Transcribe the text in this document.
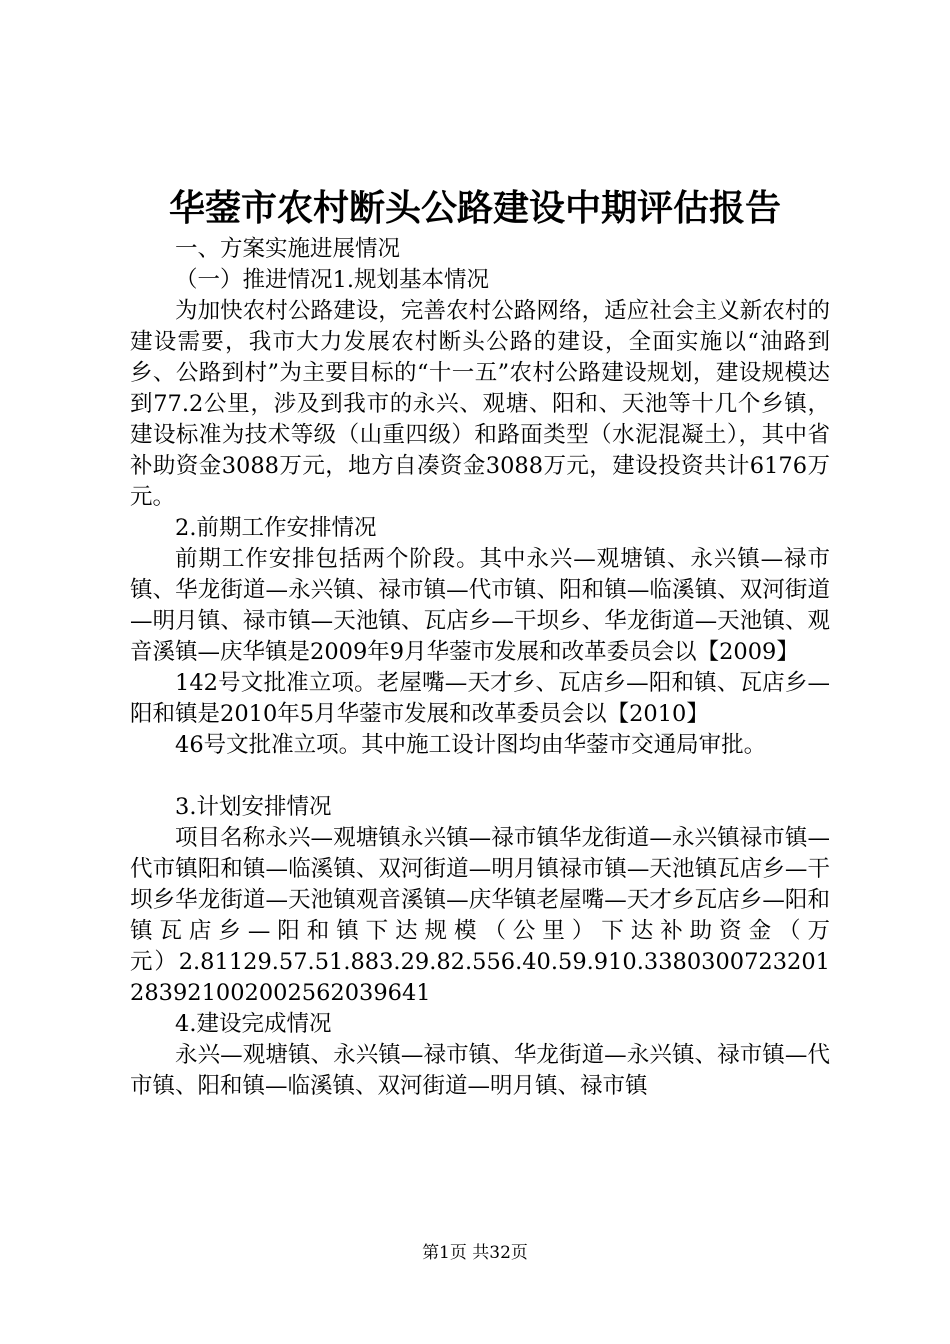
华蓥市农村断头公路建设中期评估报告

一、方案实施进展情况

（一）推进情况1.规划基本情况

为加快农村公路建设，完善农村公路网络，适应社会主义新农村的建设需要，我市大力发展农村断头公路的建设，全面实施以“油路到乡、公路到村”为主要目标的“十一五”农村公路建设规划，建设规模达到77.2公里，涉及到我市的永兴、观塘、阳和、天池等十几个乡镇，建设标准为技术等级（山重四级）和路面类型（水泥混凝土），其中省补助资金3088万元，地方自凑资金3088万元，建设投资共计6176万元。

2.前期工作安排情况

前期工作安排包括两个阶段。其中永兴—观塘镇、永兴镇—禄市镇、华龙街道—永兴镇、禄市镇—代市镇、阳和镇—临溪镇、双河街道—明月镇、禄市镇—天池镇、瓦店乡—干坝乡、华龙街道—天池镇、观音溪镇—庆华镇是2009年9月华蓥市发展和改革委员会以【2009】

142号文批准立项。老屋嘴—天才乡、瓦店乡—阳和镇、瓦店乡—阳和镇是2010年5月华蓥市发展和改革委员会以【2010】

46号文批准立项。其中施工设计图均由华蓥市交通局审批。

3.计划安排情况

项目名称永兴—观塘镇永兴镇—禄市镇华龙街道—永兴镇禄市镇—代市镇阳和镇—临溪镇、双河街道—明月镇禄市镇—天池镇瓦店乡—干坝乡华龙街道—天池镇观音溪镇—庆华镇老屋嘴—天才乡瓦店乡—阳和镇瓦店乡—阳和镇下达规模（公里）下达补助资金（万

元）2.81129.57.51.883.29.82.556.40.59.910.3380300723201283921002002562039641

4.建设完成情况

永兴—观塘镇、永兴镇—禄市镇、华龙街道—永兴镇、禄市镇—代市镇、阳和镇—临溪镇、双河街道—明月镇、禄市镇

第1页 共32页
